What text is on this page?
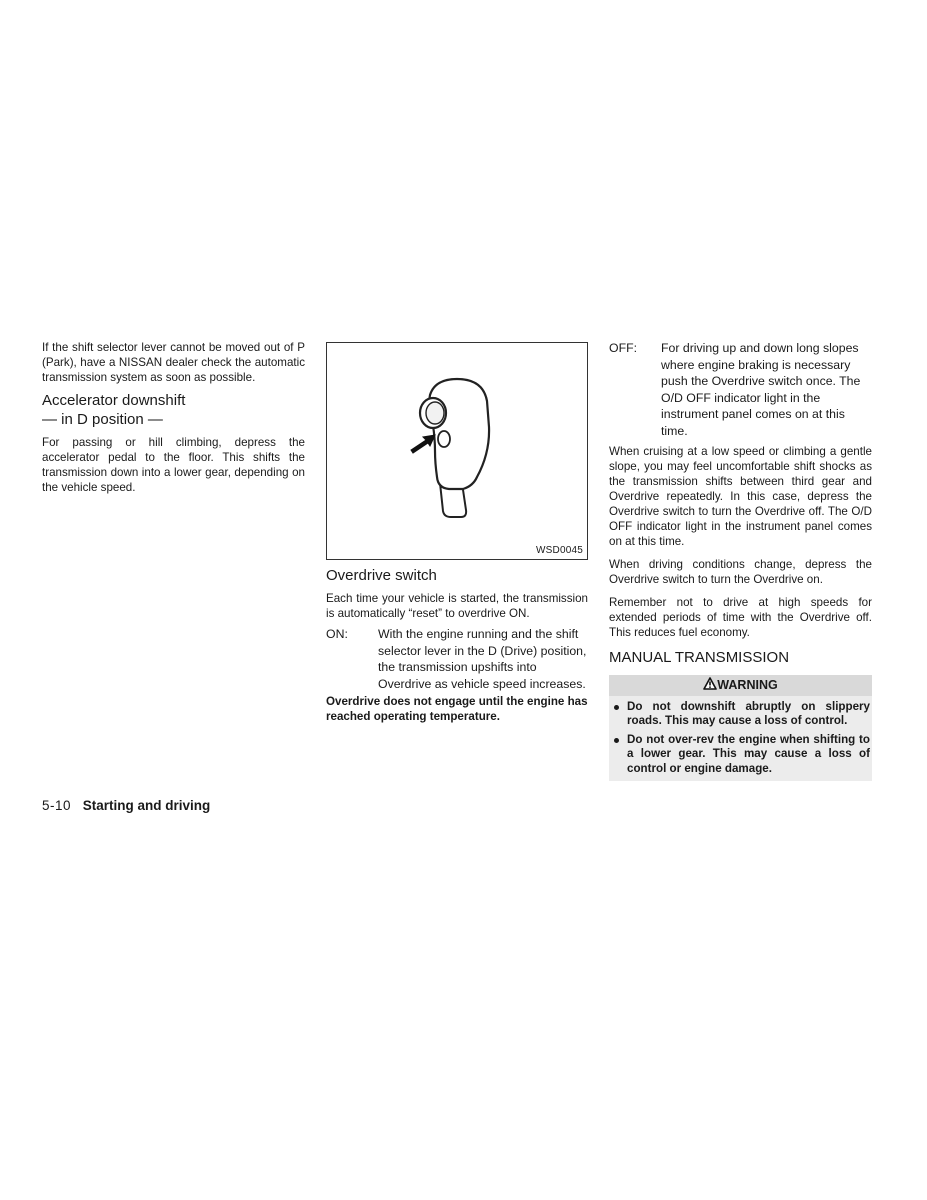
If the shift selector lever cannot be moved out of P (Park), have a NISSAN dealer check the automatic transmission system as soon as possible.

Accelerator downshift
— in D position —

For passing or hill climbing, depress the accelerator pedal to the floor. This shifts the transmission down into a lower gear, depending on the vehicle speed.

WSD0045
Overdrive switch

Each time your vehicle is started, the transmission is automatically “reset” to overdrive ON.

ON:	With the engine running and the shift selector lever in the D (Drive) position, the transmission upshifts into Overdrive as vehicle speed increases.

Overdrive does not engage until the engine has reached operating temperature.

OFF:	For driving up and down long slopes where engine braking is necessary push the Overdrive switch once. The O/D OFF indicator light in the instrument panel comes on at this time.

When cruising at a low speed or climbing a gentle slope, you may feel uncomfortable shift shocks as the transmission shifts between third gear and Overdrive repeatedly. In this case, depress the Overdrive switch to turn the Overdrive off. The O/D OFF indicator light in the instrument panel comes on at this time.

When driving conditions change, depress the Overdrive switch to turn the Overdrive on.

Remember not to drive at high speeds for extended periods of time with the Overdrive off. This reduces fuel economy.

MANUAL TRANSMISSION
WARNING
Do not downshift abruptly on slippery roads. This may cause a loss of control.
Do not over-rev the engine when shifting to a lower gear. This may cause a loss of control or engine damage.
5-10 Starting and driving
